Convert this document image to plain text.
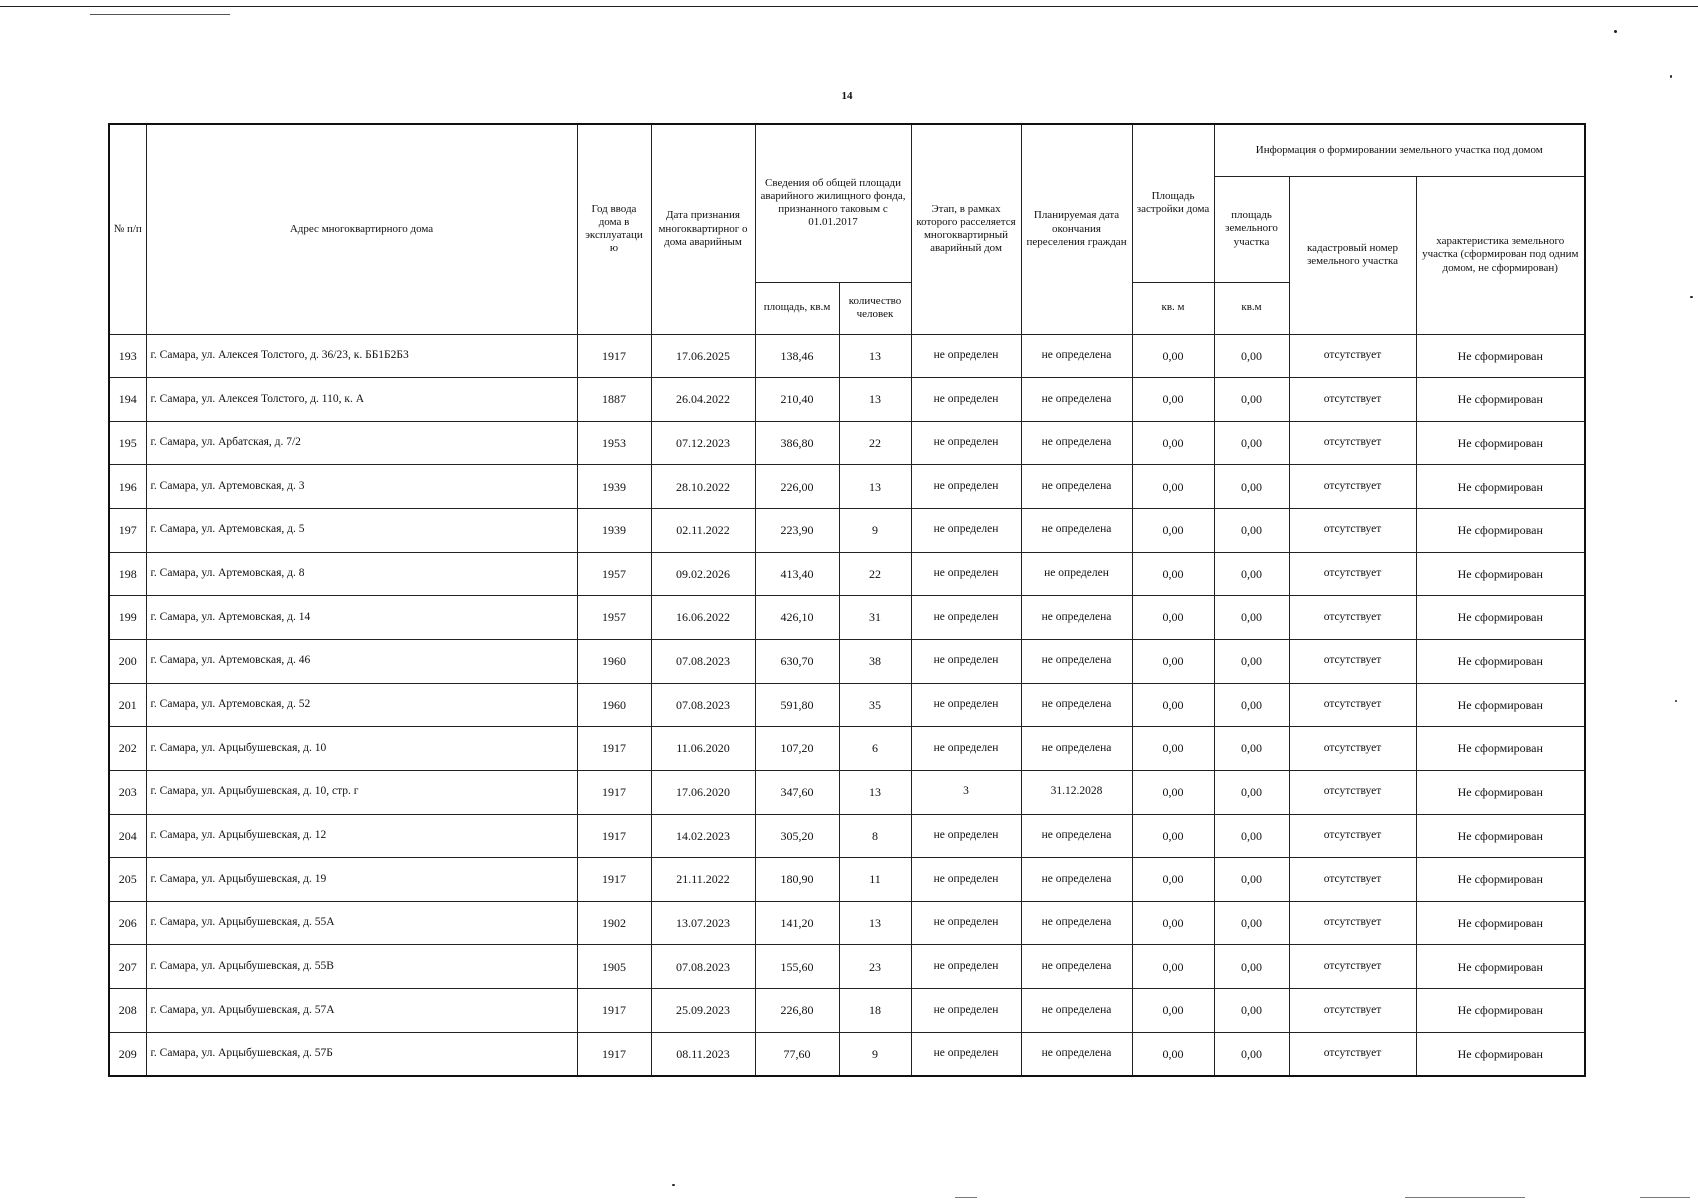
14
№ п/п	Адрес многоквартирного дома	Год ввода дома в эксплуатаци ю	Дата признания многоквартирног о дома аварийным	Сведения об общей площади аварийного жилищного фонда, признанного таковым с 01.01.2017		Этап, в рамках которого расселяется многоквартирный аварийный дом	Планируемая дата окончания переселения граждан	Площадь застройки дома	Информация о формировании земельного участка под домом		
									площадь земельного участка	кадастровый номер земельного участка	характеристика земельного участка (сформирован под одним домом, не сформирован)
				площадь, кв.м	количество человек			кв. м	кв.м		
193	г. Самара, ул. Алексея Толстого, д. 36/23, к. ББ1Б2Б3	1917	17.06.2025	138,46	13	не определен	не определена	0,00	0,00	отсутствует	Не сформирован
194	г. Самара, ул. Алексея Толстого, д. 110, к. А	1887	26.04.2022	210,40	13	не определен	не определена	0,00	0,00	отсутствует	Не сформирован
195	г. Самара, ул. Арбатская, д. 7/2	1953	07.12.2023	386,80	22	не определен	не определена	0,00	0,00	отсутствует	Не сформирован
196	г. Самара, ул. Артемовская, д. 3	1939	28.10.2022	226,00	13	не определен	не определена	0,00	0,00	отсутствует	Не сформирован
197	г. Самара, ул. Артемовская, д. 5	1939	02.11.2022	223,90	9	не определен	не определена	0,00	0,00	отсутствует	Не сформирован
198	г. Самара, ул. Артемовская, д. 8	1957	09.02.2026	413,40	22	не определен	не определен	0,00	0,00	отсутствует	Не сформирован
199	г. Самара, ул. Артемовская, д. 14	1957	16.06.2022	426,10	31	не определен	не определена	0,00	0,00	отсутствует	Не сформирован
200	г. Самара, ул. Артемовская, д. 46	1960	07.08.2023	630,70	38	не определен	не определена	0,00	0,00	отсутствует	Не сформирован
201	г. Самара, ул. Артемовская, д. 52	1960	07.08.2023	591,80	35	не определен	не определена	0,00	0,00	отсутствует	Не сформирован
202	г. Самара, ул. Арцыбушевская, д. 10	1917	11.06.2020	107,20	6	не определен	не определена	0,00	0,00	отсутствует	Не сформирован
203	г. Самара, ул. Арцыбушевская, д. 10, стр. г	1917	17.06.2020	347,60	13	3	31.12.2028	0,00	0,00	отсутствует	Не сформирован
204	г. Самара, ул. Арцыбушевская, д. 12	1917	14.02.2023	305,20	8	не определен	не определена	0,00	0,00	отсутствует	Не сформирован
205	г. Самара, ул. Арцыбушевская, д. 19	1917	21.11.2022	180,90	11	не определен	не определена	0,00	0,00	отсутствует	Не сформирован
206	г. Самара, ул. Арцыбушевская, д. 55А	1902	13.07.2023	141,20	13	не определен	не определена	0,00	0,00	отсутствует	Не сформирован
207	г. Самара, ул. Арцыбушевская, д. 55В	1905	07.08.2023	155,60	23	не определен	не определена	0,00	0,00	отсутствует	Не сформирован
208	г. Самара, ул. Арцыбушевская, д. 57А	1917	25.09.2023	226,80	18	не определен	не определена	0,00	0,00	отсутствует	Не сформирован
209	г. Самара, ул. Арцыбушевская, д. 57Б	1917	08.11.2023	77,60	9	не определен	не определена	0,00	0,00	отсутствует	Не сформирован
